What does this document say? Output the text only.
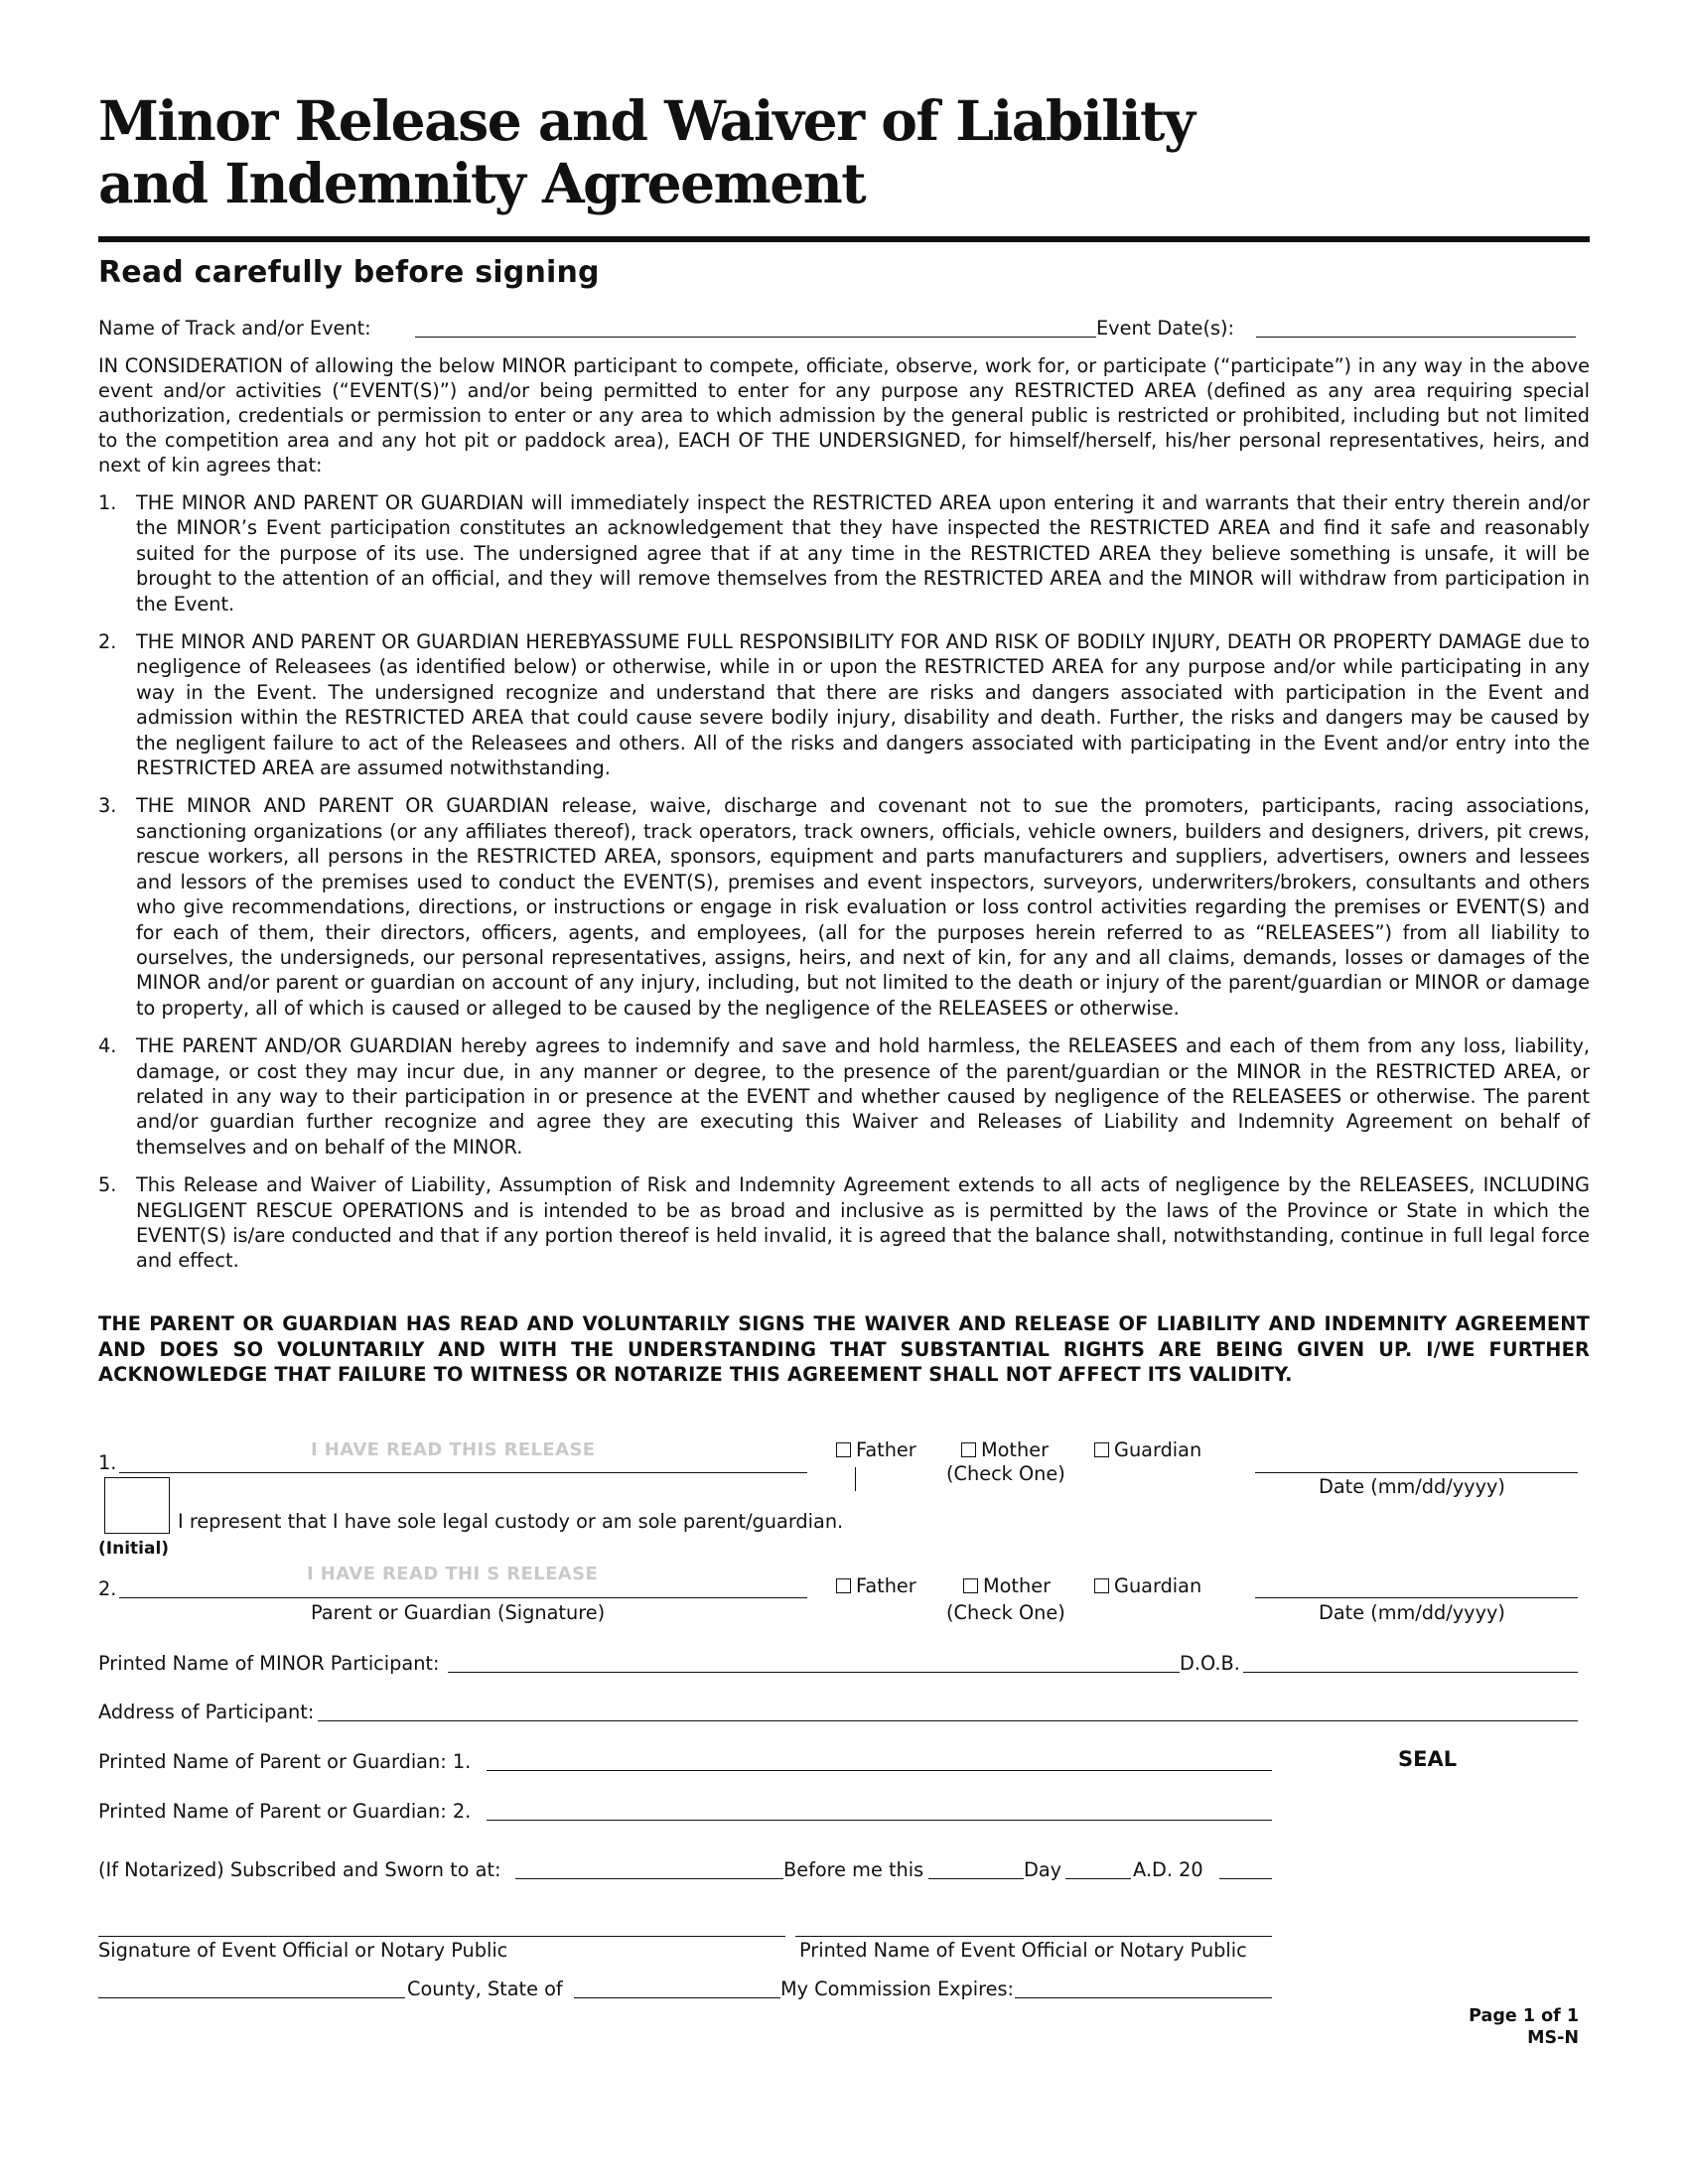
Minor Release and Waiver of Liability
and Indemnity Agreement
Read carefully before signing
Name of Track and/or Event:	Event Date(s):
IN CONSIDERATION of allowing the below MINOR participant to compete, officiate, observe, work for, or participate (“participate”) in any way in the above event and/or activities (“EVENT(S)”) and/or being permitted to enter for any purpose any RESTRICTED AREA (defined as any area requiring special authorization, credentials or permission to enter or any area to which admission by the general public is restricted or prohibited, including but not limited to the competition area and any hot pit or paddock area), EACH OF THE UNDERSIGNED, for himself/herself, his/her personal representatives, heirs, and next of kin agrees that:
1. THE MINOR AND PARENT OR GUARDIAN will immediately inspect the RESTRICTED AREA upon entering it and warrants that their entry therein and/or the MINOR’s Event participation constitutes an acknowledgement that they have inspected the RESTRICTED AREA and find it safe and reasonably suited for the purpose of its use. The undersigned agree that if at any time in the RESTRICTED AREA they believe something is unsafe, it will be brought to the attention of an official, and they will remove themselves from the RESTRICTED AREA and the MINOR will withdraw from participation in the Event.
2. THE MINOR AND PARENT OR GUARDIAN HEREBYASSUME FULL RESPONSIBILITY FOR AND RISK OF BODILY INJURY, DEATH OR PROPERTY DAMAGE due to negligence of Releasees (as identified below) or otherwise, while in or upon the RESTRICTED AREA for any purpose and/or while participating in any way in the Event. The undersigned recognize and understand that there are risks and dangers associated with participation in the Event and admission within the RESTRICTED AREA that could cause severe bodily injury, disability and death. Further, the risks and dangers may be caused by the negligent failure to act of the Releasees and others. All of the risks and dangers associated with participating in the Event and/or entry into the RESTRICTED AREA are assumed notwithstanding.
3. THE MINOR AND PARENT OR GUARDIAN release, waive, discharge and covenant not to sue the promoters, participants, racing associations, sanctioning organizations (or any affiliates thereof), track operators, track owners, officials, vehicle owners, builders and designers, drivers, pit crews, rescue workers, all persons in the RESTRICTED AREA, sponsors, equipment and parts manufacturers and suppliers, advertisers, owners and lessees and lessors of the premises used to conduct the EVENT(S), premises and event inspectors, surveyors, underwriters/brokers, consultants and others who give recommendations, directions, or instructions or engage in risk evaluation or loss control activities regarding the premises or EVENT(S) and for each of them, their directors, officers, agents, and employees, (all for the purposes herein referred to as “RELEASEES”) from all liability to ourselves, the undersigneds, our personal representatives, assigns, heirs, and next of kin, for any and all claims, demands, losses or damages of the MINOR and/or parent or guardian on account of any injury, including, but not limited to the death or injury of the parent/guardian or MINOR or damage to property, all of which is caused or alleged to be caused by the negligence of the RELEASEES or otherwise.
4. THE PARENT AND/OR GUARDIAN hereby agrees to indemnify and save and hold harmless, the RELEASEES and each of them from any loss, liability, damage, or cost they may incur due, in any manner or degree, to the presence of the parent/guardian or the MINOR in the RESTRICTED AREA, or related in any way to their participation in or presence at the EVENT and whether caused by negligence of the RELEASEES or otherwise. The parent and/or guardian further recognize and agree they are executing this Waiver and Releases of Liability and Indemnity Agreement on behalf of themselves and on behalf of the MINOR.
5. This Release and Waiver of Liability, Assumption of Risk and Indemnity Agreement extends to all acts of negligence by the RELEASEES, INCLUDING NEGLIGENT RESCUE OPERATIONS and is intended to be as broad and inclusive as is permitted by the laws of the Province or State in which the EVENT(S) is/are conducted and that if any portion thereof is held invalid, it is agreed that the balance shall, notwithstanding, continue in full legal force and effect.
THE PARENT OR GUARDIAN HAS READ AND VOLUNTARILY SIGNS THE WAIVER AND RELEASE OF LIABILITY AND INDEMNITY AGREEMENT AND DOES SO VOLUNTARILY AND WITH THE UNDERSTANDING THAT SUBSTANTIAL RIGHTS ARE BEING GIVEN UP. I/WE FURTHER ACKNOWLEDGE THAT FAILURE TO WITNESS OR NOTARIZE THIS AGREEMENT SHALL NOT AFFECT ITS VALIDITY.
1.
I HAVE READ THIS RELEASE	Father	Mother	Guardian
(Check One)
Date (mm/dd/yyyy)
I represent that I have sole legal custody or am sole parent/guardian.
(Initial)
2.
I HAVE READ THI S RELEASE
Parent or Guardian (Signature)
Father	Mother	Guardian
(Check One)	Date (mm/dd/yyyy)
Printed Name of MINOR Participant:	D.O.B.
Address of Participant:
Printed Name of Parent or Guardian: 1.	SEAL
Printed Name of Parent or Guardian: 2.
(If Notarized) Subscribed and Sworn to at:	Before me this	Day	A.D. 20
Signature of Event Official or Notary Public	Printed Name of Event Official or Notary Public
County, State of	My Commission Expires:
Page 1 of 1
MS-N
